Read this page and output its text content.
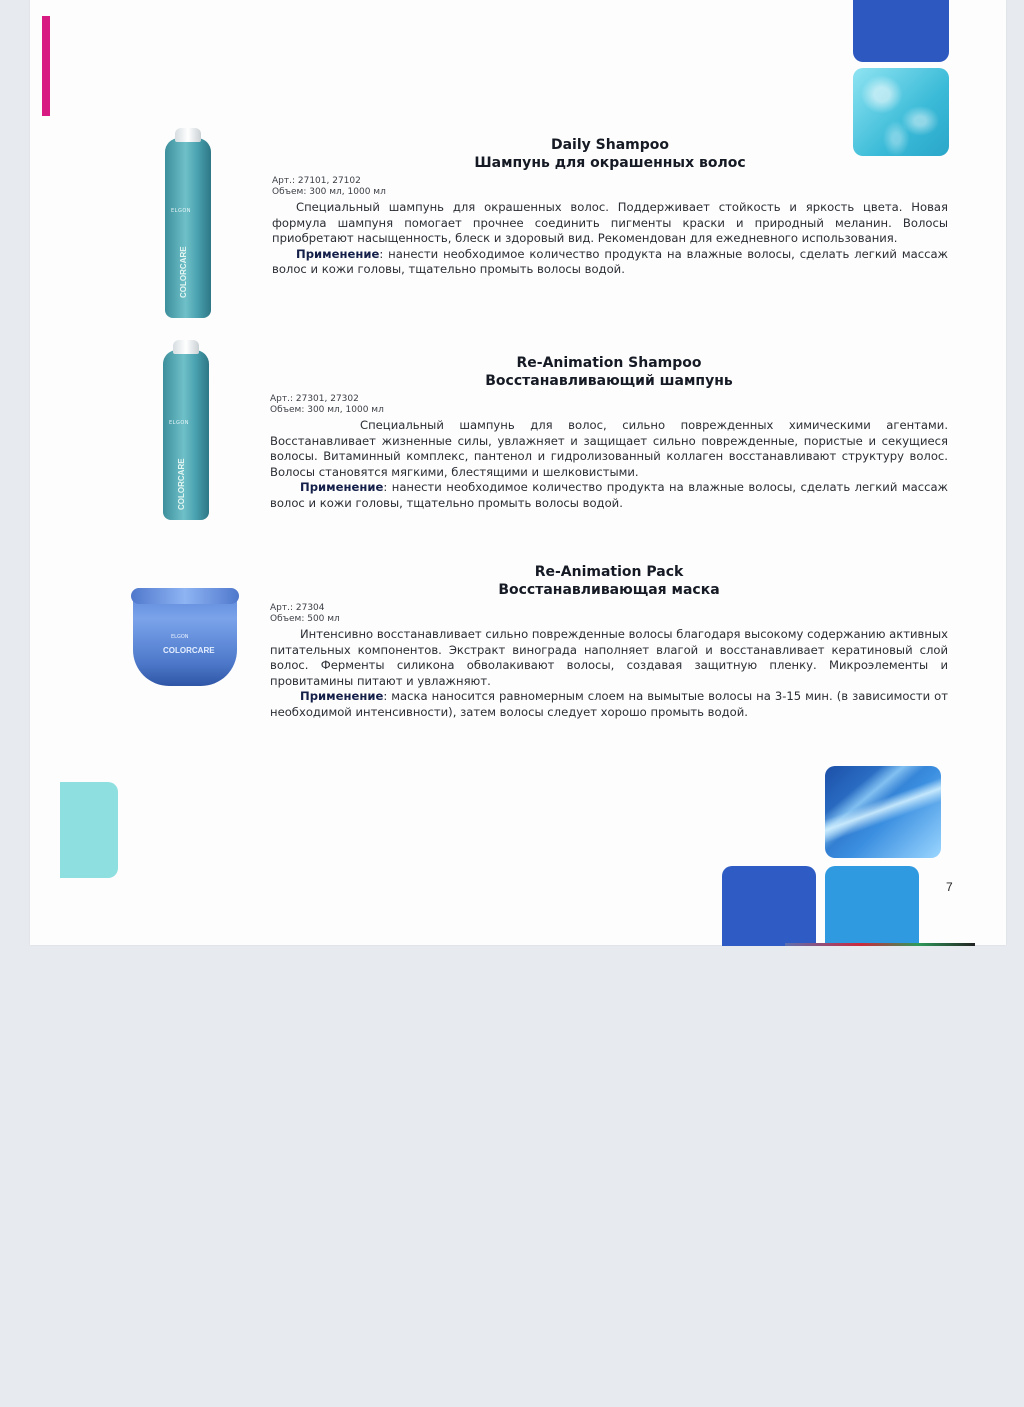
7
ELGON
COLORCARE
ELGON
COLORCARE
ELGON
COLORCARE
Daily Shampoo
Шампунь для окрашенных волос
Арт.: 27101, 27102
Объем: 300 мл, 1000 мл

Специальный шампунь для окрашенных волос. Поддерживает стойкость и яркость цвета. Новая формула шампуня помогает прочнее соединить пигменты краски и природный меланин. Волосы приобретают насыщенность, блеск и здоровый вид. Рекомендован для ежедневного использования.

Применение: нанести необходимое количество продукта на влажные волосы, сделать легкий массаж волос и кожи головы, тщательно промыть волосы водой.

Re-Animation Shampoo
Восстанавливающий шампунь
Арт.: 27301, 27302
Объем: 300 мл, 1000 мл

Специальный шампунь для волос, сильно поврежденных химическими агентами. Восстанавливает жизненные силы, увлажняет и защищает сильно поврежденные, пористые и секущиеся волосы. Витаминный комплекс, пантенол и гидролизованный коллаген восстанавливают структуру волос. Волосы становятся мягкими, блестящими и шелковистыми.

Применение: нанести необходимое количество продукта на влажные волосы, сделать легкий массаж волос и кожи головы, тщательно промыть волосы водой.

Re-Animation Pack
Восстанавливающая маска
Арт.: 27304
Объем: 500 мл

Интенсивно восстанавливает сильно поврежденные волосы благодаря высокому содержанию активных питательных компонентов. Экстракт винограда наполняет влагой и восстанавливает кератиновый слой волос. Ферменты силикона обволакивают волосы, создавая защитную пленку. Микроэлементы и провитамины питают и увлажняют.

Применение: маска наносится равномерным слоем на вымытые волосы на 3-15 мин. (в зависимости от необходимой интенсивности), затем волосы следует хорошо промыть водой.
